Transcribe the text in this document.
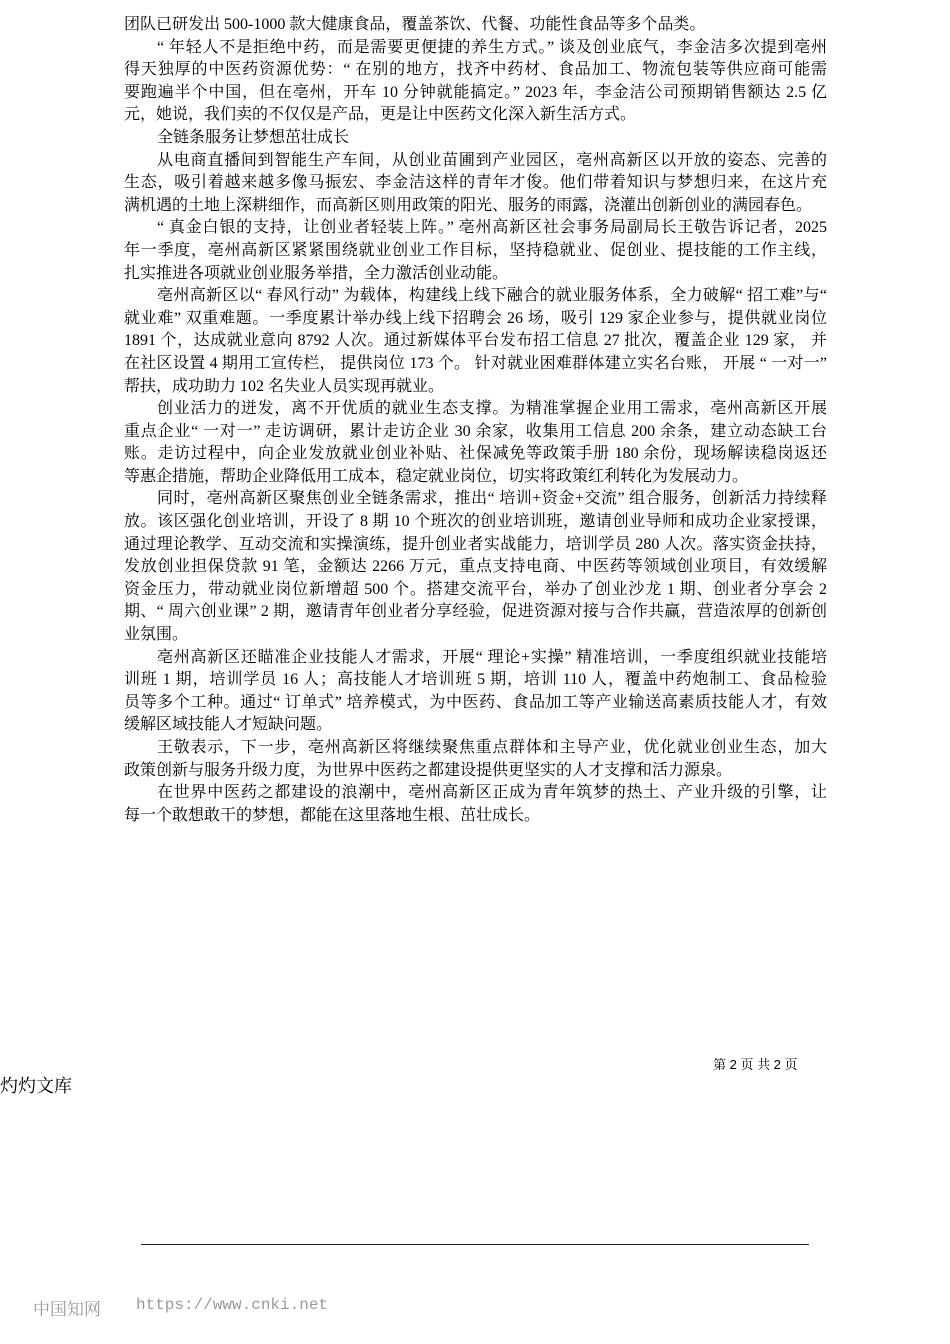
团队已研发出 500-1000 款大健康食品，覆盖茶饮、代餐、功能性食品等多个品类。
“ 年轻人不是拒绝中药，而是需要更便捷的养生方式。” 谈及创业底气，李金洁多次提到亳州
得天独厚的中医药资源优势：“ 在别的地方，找齐中药材、食品加工、物流包装等供应商可能需
要跑遍半个中国，但在亳州，开车 10 分钟就能搞定。” 2023 年，李金洁公司预期销售额达 2.5 亿
元，她说，我们卖的不仅仅是产品，更是让中医药文化深入新生活方式。
全链条服务让梦想茁壮成长
从电商直播间到智能生产车间，从创业苗圃到产业园区，亳州高新区以开放的姿态、完善的
生态，吸引着越来越多像马振宏、李金洁这样的青年才俊。他们带着知识与梦想归来，在这片充
满机遇的土地上深耕细作，而高新区则用政策的阳光、服务的雨露，浇灌出创新创业的满园春色。
“ 真金白银的支持，让创业者轻装上阵。” 亳州高新区社会事务局副局长王敬告诉记者，2025
年一季度，亳州高新区紧紧围绕就业创业工作目标，坚持稳就业、促创业、提技能的工作主线，
扎实推进各项就业创业服务举措，全力激活创业动能。
亳州高新区以“ 春风行动” 为载体，构建线上线下融合的就业服务体系，全力破解“ 招工难”与“
就业难” 双重难题。一季度累计举办线上线下招聘会 26 场，吸引 129 家企业参与，提供就业岗位
1891 个，达成就业意向 8792 人次。通过新媒体平台发布招工信息 27 批次，覆盖企业 129 家， 并
在社区设置 4 期用工宣传栏， 提供岗位 173 个。 针对就业困难群体建立实名台账， 开展 “ 一对一”
帮扶，成功助力 102 名失业人员实现再就业。
创业活力的迸发，离不开优质的就业生态支撑。为精准掌握企业用工需求，亳州高新区开展
重点企业“ 一对一” 走访调研，累计走访企业 30 余家，收集用工信息 200 余条，建立动态缺工台
账。走访过程中，向企业发放就业创业补贴、社保减免等政策手册 180 余份，现场解读稳岗返还
等惠企措施，帮助企业降低用工成本，稳定就业岗位，切实将政策红利转化为发展动力。
同时，亳州高新区聚焦创业全链条需求，推出“ 培训+资金+交流” 组合服务，创新活力持续释
放。该区强化创业培训，开设了 8 期 10 个班次的创业培训班，邀请创业导师和成功企业家授课，
通过理论教学、互动交流和实操演练，提升创业者实战能力，培训学员 280 人次。落实资金扶持，
发放创业担保贷款 91 笔，金额达 2266 万元，重点支持电商、中医药等领域创业项目，有效缓解
资金压力，带动就业岗位新增超 500 个。搭建交流平台，举办了创业沙龙 1 期、创业者分享会 2
期、“ 周六创业课” 2 期，邀请青年创业者分享经验，促进资源对接与合作共赢，营造浓厚的创新创
业氛围。
亳州高新区还瞄准企业技能人才需求，开展“ 理论+实操” 精准培训，一季度组织就业技能培
训班 1 期，培训学员 16 人；高技能人才培训班 5 期，培训 110 人，覆盖中药炮制工、食品检验
员等多个工种。通过“ 订单式” 培养模式，为中医药、食品加工等产业输送高素质技能人才，有效
缓解区域技能人才短缺问题。
王敬表示，下一步，亳州高新区将继续聚焦重点群体和主导产业，优化就业创业生态，加大
政策创新与服务升级力度，为世界中医药之都建设提供更坚实的人才支撑和活力源泉。
在世界中医药之都建设的浪潮中，亳州高新区正成为青年筑梦的热土、产业升级的引擎，让
每一个敢想敢干的梦想，都能在这里落地生根、茁壮成长。
第 2 页 共 2 页
灼灼文库
中国知网 https://www.cnki.net
